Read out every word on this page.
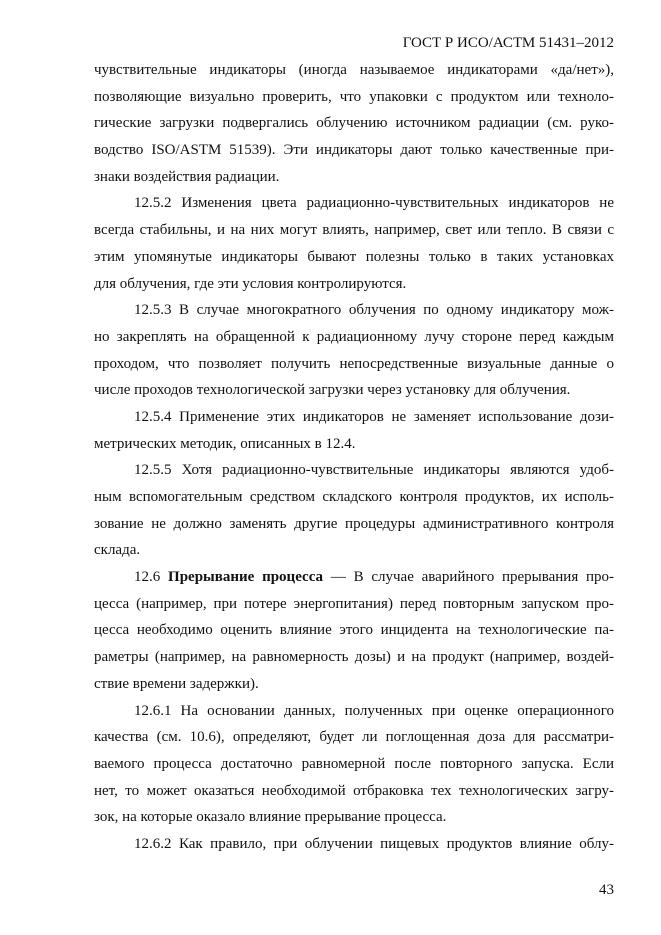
ГОСТ Р ИСО/АСТМ 51431–2012
чувствительные индикаторы (иногда называемое индикаторами «да/нет»),
позволяющие визуально проверить, что упаковки с продуктом или техноло-
гические загрузки подвергались облучению источником радиации (см. руко-
водство ISO/ASTM 51539). Эти индикаторы дают только качественные при-
знаки воздействия радиации.
12.5.2 Изменения цвета радиационно-чувствительных индикаторов не
всегда стабильны, и на них могут влиять, например, свет или тепло. В связи с
этим упомянутые индикаторы бывают полезны только в таких установках
для облучения, где эти условия контролируются.
12.5.3 В случае многократного облучения по одному индикатору мож-
но закреплять на обращенной к радиационному лучу стороне перед каждым
проходом, что позволяет получить непосредственные визуальные данные о
числе проходов технологической загрузки через установку для облучения.
12.5.4 Применение этих индикаторов не заменяет использование дози-
метрических методик, описанных в 12.4.
12.5.5 Хотя радиационно-чувствительные индикаторы являются удоб-
ным вспомогательным средством складского контроля продуктов, их исполь-
зование не должно заменять другие процедуры административного контроля
склада.
12.6 Прерывание процесса — В случае аварийного прерывания про-
цесса (например, при потере энергопитания) перед повторным запуском про-
цесса необходимо оценить влияние этого инцидента на технологические па-
раметры (например, на равномерность дозы) и на продукт (например, воздей-
ствие времени задержки).
12.6.1 На основании данных, полученных при оценке операционного
качества (см. 10.6), определяют, будет ли поглощенная доза для рассматри-
ваемого процесса достаточно равномерной после повторного запуска. Если
нет, то может оказаться необходимой отбраковка тех технологических загру-
зок, на которые оказало влияние прерывание процесса.
12.6.2 Как правило, при облучении пищевых продуктов влияние облу-
43
